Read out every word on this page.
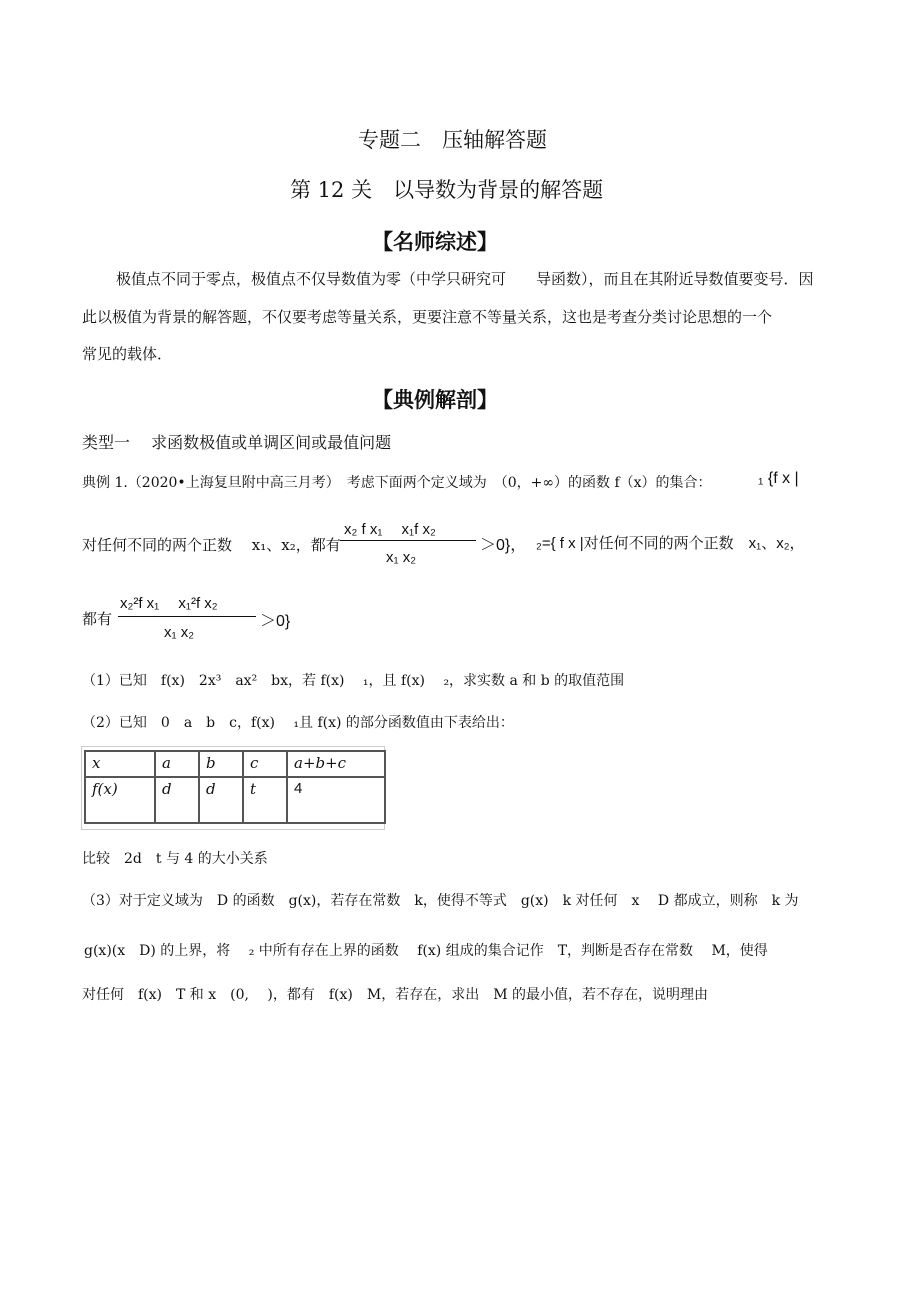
专题二　压轴解答题
第 12 关　以导数为背景的解答题
【名师综述】
极值点不同于零点，极值点不仅导数值为零（中学只研究可　　导函数），而且在其附近导数值要变号．因
此以极值为背景的解答题，不仅要考虑等量关系，更要注意不等量关系，这也是考查分类讨论思想的一个
常见的载体．
【典例解剖】
类型一　 求函数极值或单调区间或最值问题
典例 1.（2020•上海复旦附中高三月考）　考虑下面两个定义域为　（0，+∞）的函数 f（x）的集合：	₁ {f x |
对任何不同的两个正数　 x₁、x₂，都有
x₂ f x₁　 x₁f x₂
x₁ x₂
＞0}， ₂={ f x |对任何不同的两个正数　x₁、x₂，
都有
x₂²f x₁　 x₁²f x₂
x₁ x₂
＞0}
（1）已知　f(x)　2x³　ax²　bx，若 f(x)　 ₁，且 f(x)　 ₂，求实数 a 和 b 的取值范围
（2）已知　0　a　b　c，f(x)　 ₁且 f(x) 的部分函数值由下表给出：
x	a	b	c	a+b+c
f(x)	d	d	t	4
比较　2d　t 与 4 的大小关系
（3）对于定义域为　D 的函数　g(x)，若存在常数　k，使得不等式　g(x)　k 对任何　x　 D 都成立，则称　k 为
g(x)(x　D) 的上界，将　 ₂ 中所有存在上界的函数　 f(x) 组成的集合记作　T，判断是否存在常数　 M，使得
对任何　f(x)　T 和 x　(0,　 )，都有　f(x)　M，若存在，求出　M 的最小值，若不存在，说明理由
